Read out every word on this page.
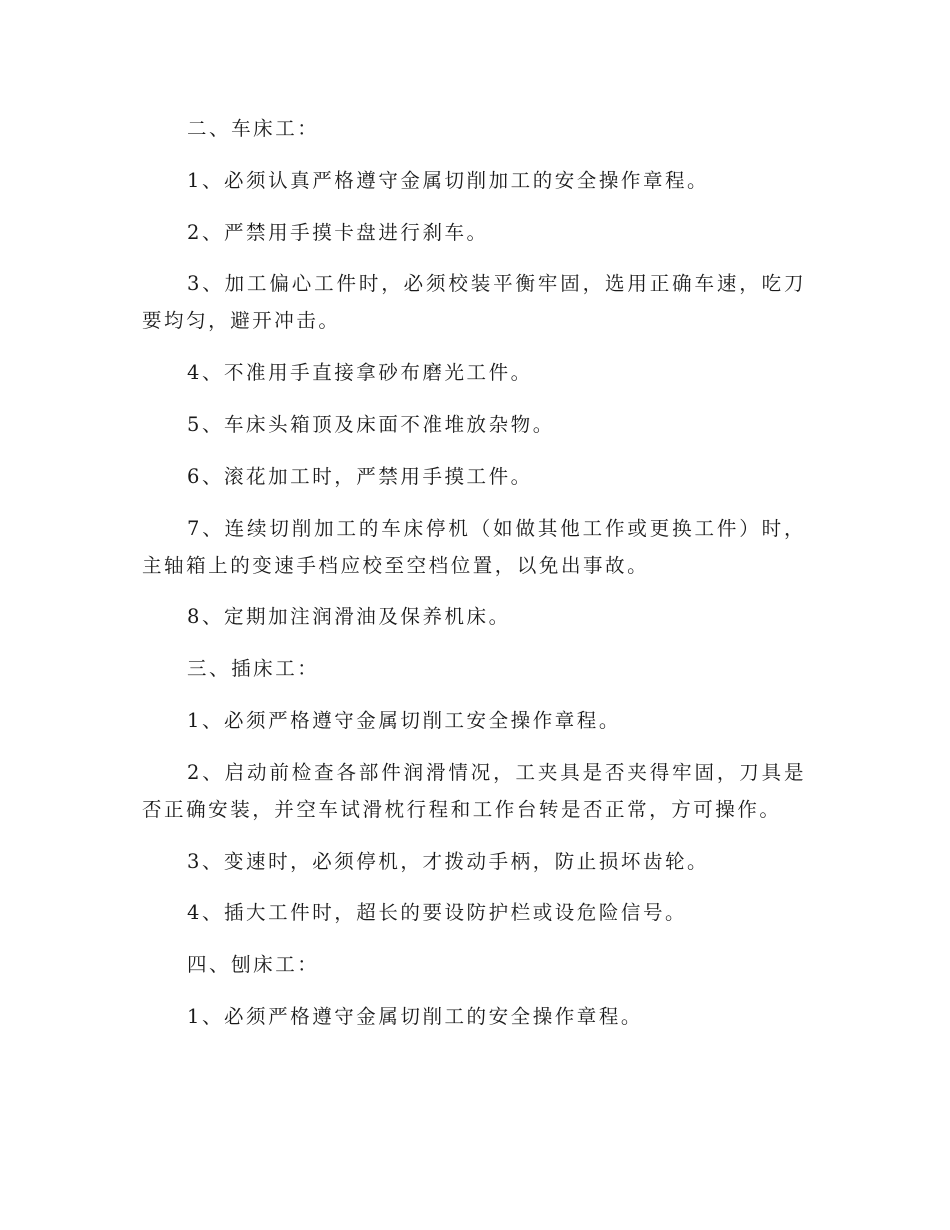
二、车床工：

1、必须认真严格遵守金属切削加工的安全操作章程。

2、严禁用手摸卡盘进行刹车。

3、加工偏心工件时，必须校装平衡牢固，选用正确车速，吃刀要均匀，避开冲击。

4、不准用手直接拿砂布磨光工件。

5、车床头箱顶及床面不准堆放杂物。

6、滚花加工时，严禁用手摸工件。

7、连续切削加工的车床停机（如做其他工作或更换工件）时，主轴箱上的变速手档应校至空档位置，以免出事故。

8、定期加注润滑油及保养机床。

三、插床工：

1、必须严格遵守金属切削工安全操作章程。

2、启动前检查各部件润滑情况，工夹具是否夹得牢固，刀具是否正确安装，并空车试滑枕行程和工作台转是否正常，方可操作。

3、变速时，必须停机，才拨动手柄，防止损坏齿轮。

4、插大工件时，超长的要设防护栏或设危险信号。

四、刨床工：

1、必须严格遵守金属切削工的安全操作章程。
